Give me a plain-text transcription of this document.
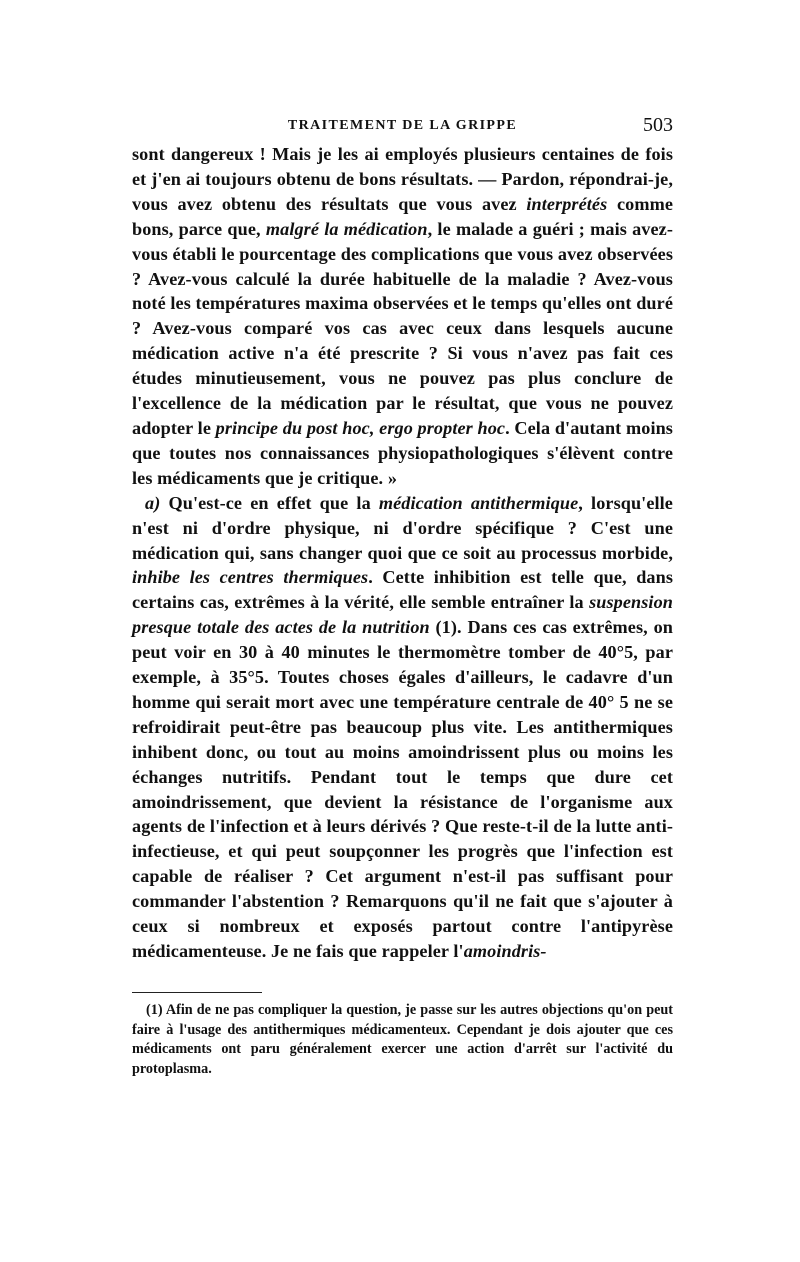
TRAITEMENT DE LA GRIPPE	503

sont dangereux ! Mais je les ai employés plusieurs centaines de fois et j'en ai toujours obtenu de bons résultats. — Pardon, répondrai-je, vous avez obtenu des résultats que vous avez interprétés comme bons, parce que, malgré la médication, le malade a guéri ; mais avez-vous établi le pourcentage des complications que vous avez observées ? Avez-vous calculé la durée habituelle de la maladie ? Avez-vous noté les températures maxima observées et le temps qu'elles ont duré ? Avez-vous comparé vos cas avec ceux dans lesquels aucune médication active n'a été prescrite ? Si vous n'avez pas fait ces études minutieusement, vous ne pouvez pas plus conclure de l'excellence de la médication par le résultat, que vous ne pouvez adopter le principe du post hoc, ergo propter hoc. Cela d'autant moins que toutes nos connaissances physiopathologiques s'élèvent contre les médicaments que je critique. »

a) Qu'est-ce en effet que la médication antithermique, lorsqu'elle n'est ni d'ordre physique, ni d'ordre spécifique ? C'est une médication qui, sans changer quoi que ce soit au processus morbide, inhibe les centres thermiques. Cette inhibition est telle que, dans certains cas, extrêmes à la vérité, elle semble entraîner la suspension presque totale des actes de la nutrition (1). Dans ces cas extrêmes, on peut voir en 30 à 40 minutes le thermomètre tomber de 40°5, par exemple, à 35°5. Toutes choses égales d'ailleurs, le cadavre d'un homme qui serait mort avec une température centrale de 40° 5 ne se refroidirait peut-être pas beaucoup plus vite. Les antithermiques inhibent donc, ou tout au moins amoindrissent plus ou moins les échanges nutritifs. Pendant tout le temps que dure cet amoindrissement, que devient la résistance de l'organisme aux agents de l'infection et à leurs dérivés ? Que reste-t-il de la lutte anti-infectieuse, et qui peut soupçonner les progrès que l'infection est capable de réaliser ? Cet argument n'est-il pas suffisant pour commander l'abstention ? Remarquons qu'il ne fait que s'ajouter à ceux si nombreux et exposés partout contre l'antipyrèse médicamenteuse. Je ne fais que rappeler l'amoindris-

(1) Afin de ne pas compliquer la question, je passe sur les autres objections qu'on peut faire à l'usage des antithermiques médicamenteux. Cependant je dois ajouter que ces médicaments ont paru généralement exercer une action d'arrêt sur l'activité du protoplasma.
